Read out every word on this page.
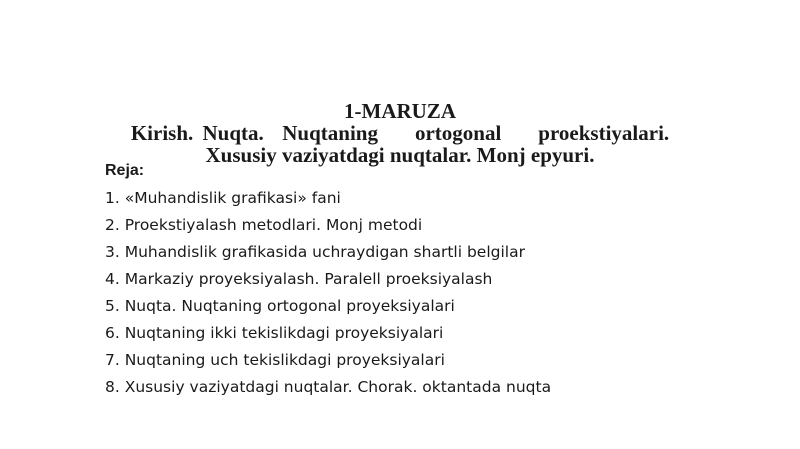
1-MARUZA
Kirish. Nuqta.  Nuqtaning    ortogonal    proekstiyalari.
Xususiy vaziyatdagi nuqtalar. Monj epyuri.
Reja:
1. «Muhandislik grafikasi» fani
2. Proekstiyalash metodlari. Monj metodi
3. Muhandislik grafikasida uchraydigan shartli belgilar
4. Markaziy proyeksiyalash. Paralell proeksiyalash
5. Nuqta. Nuqtaning ortogonal proyeksiyalari
6. Nuqtaning ikki tekislikdagi proyeksiyalari
7. Nuqtaning uch tekislikdagi proyeksiyalari
8. Xususiy vaziyatdagi nuqtalar. Chorak. oktantada nuqta
